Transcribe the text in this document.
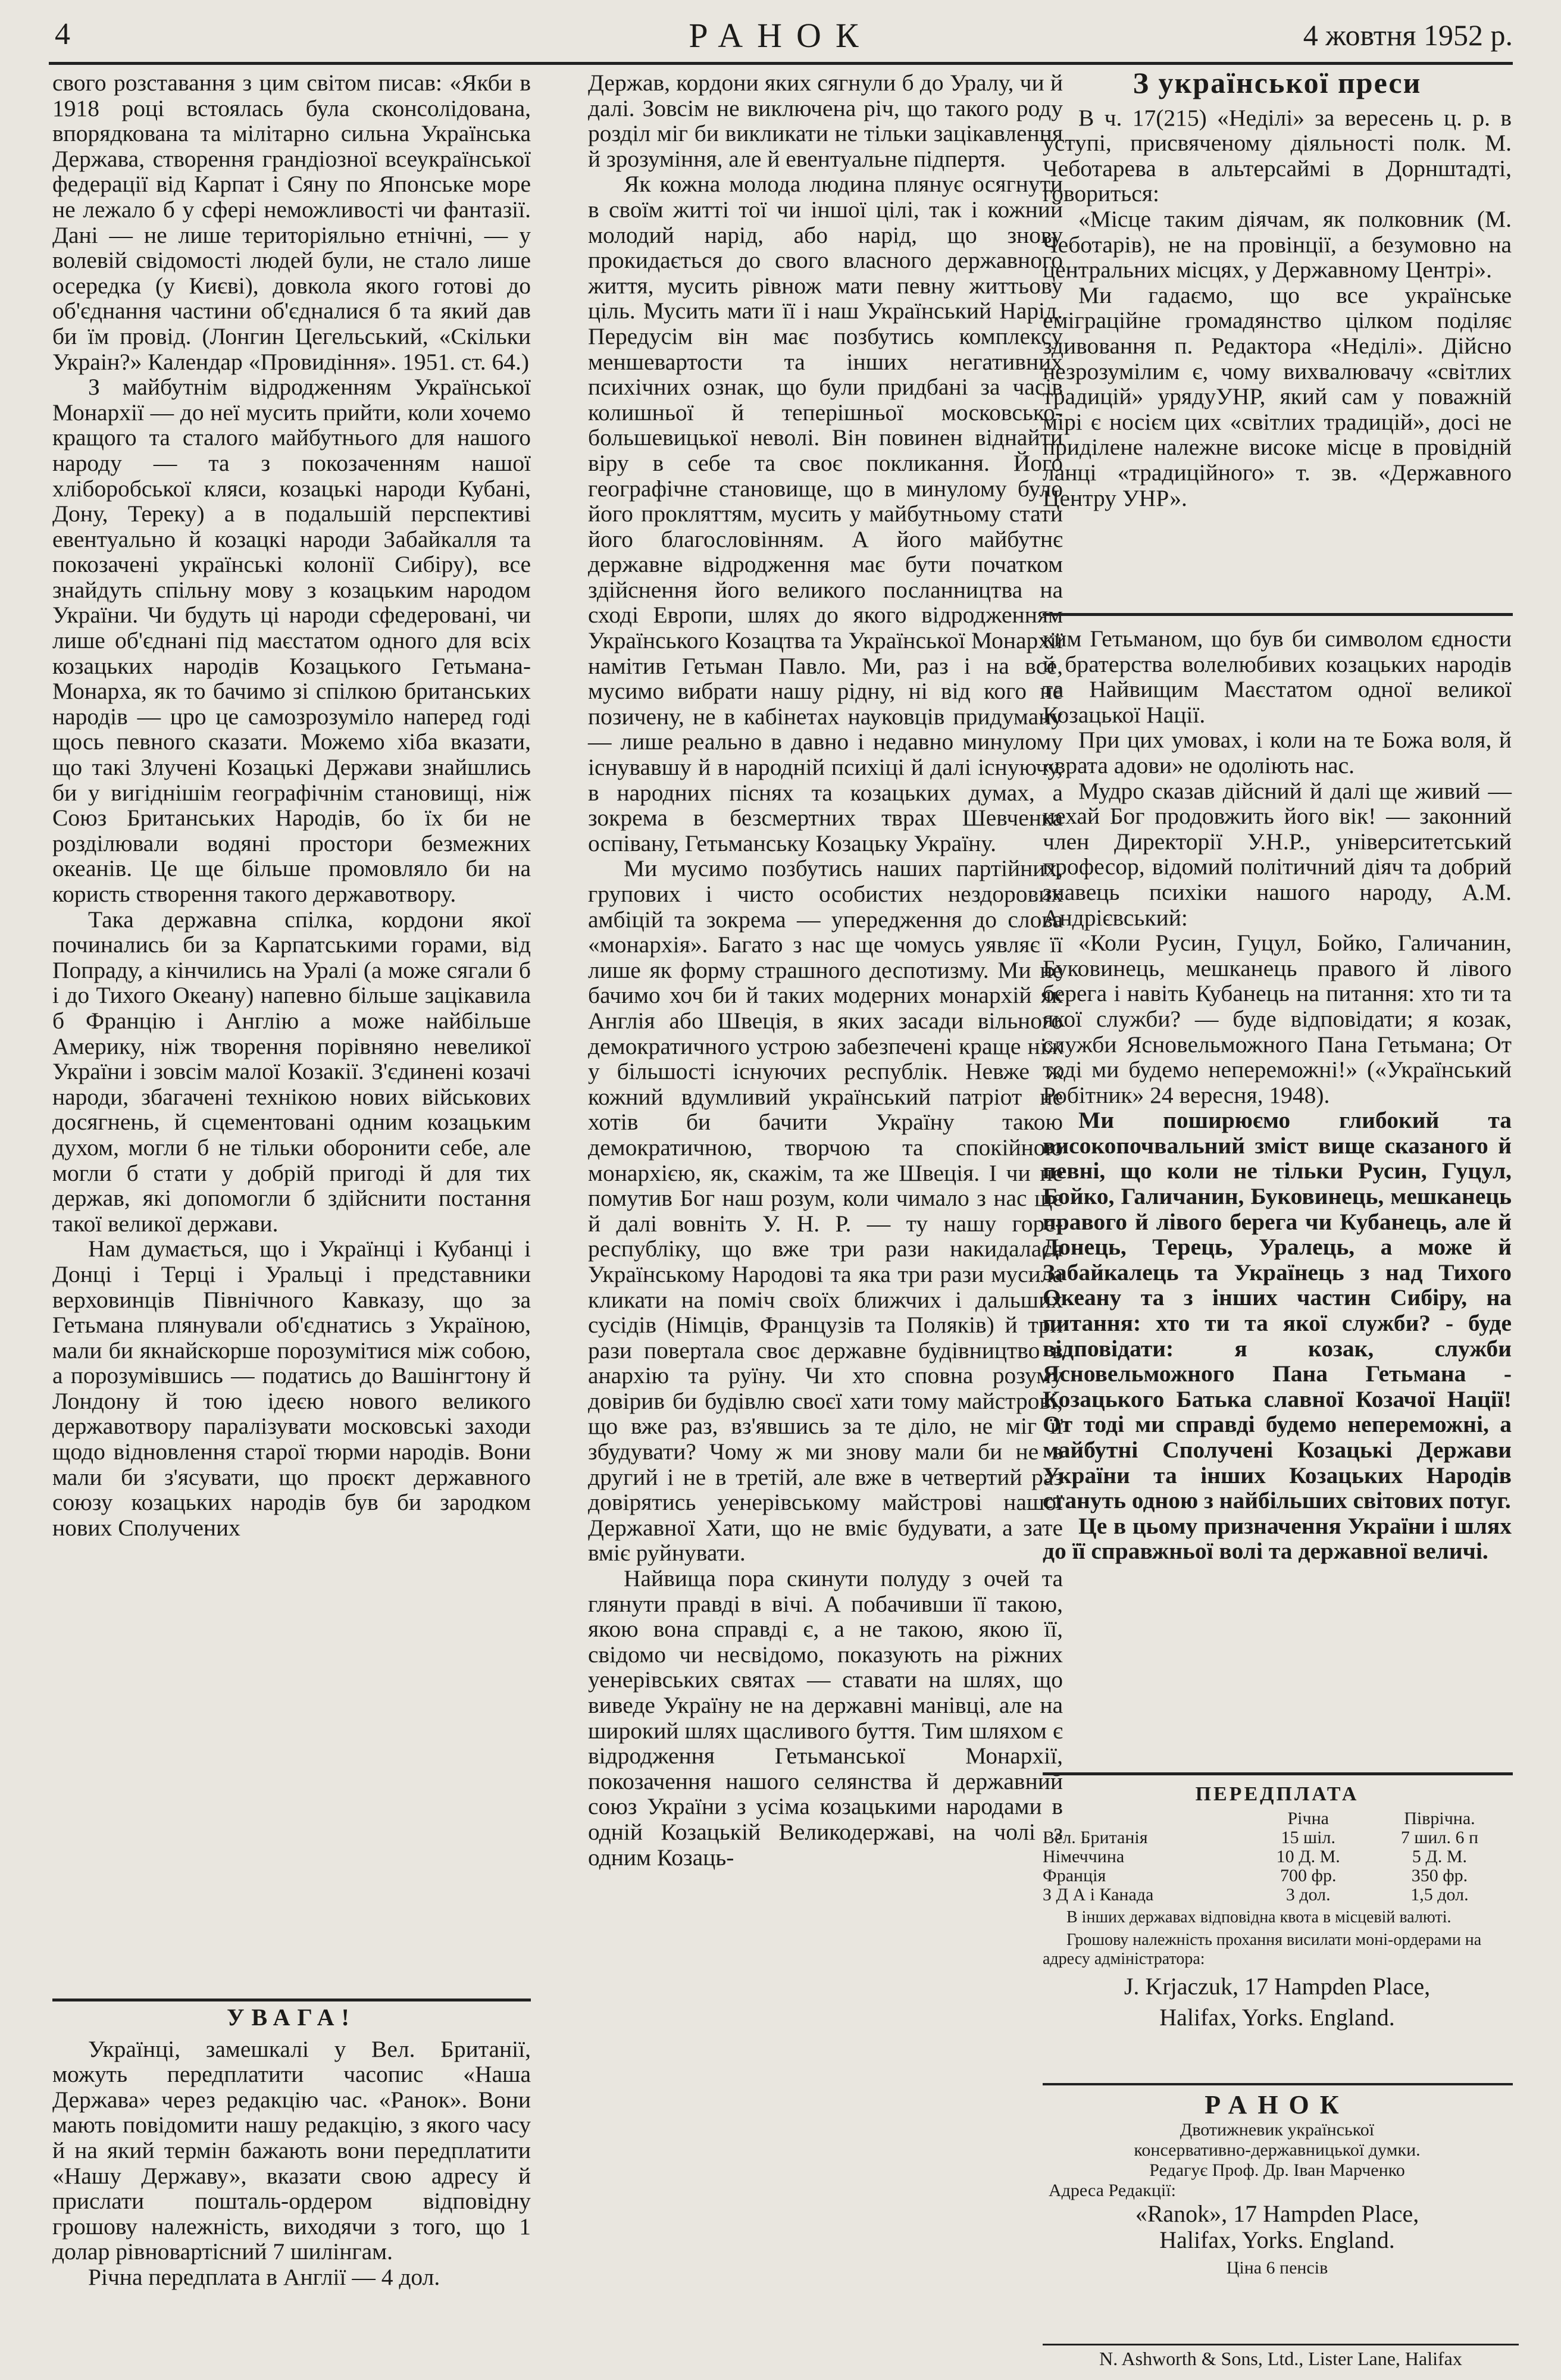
4	РАНОК	4 жовтня 1952 р.

свого розставання з цим світом писав: «Якби в 1918 році встоялась була сконсолідована, впорядкована та мілітарно сильна Українська Держава, створення грандіозної всеукраїнської федерації від Карпат і Сяну по Японське море не лежало б у сфері неможливості чи фантазії. Дані — не лише територіяльно етнічні, — у волевій свідомості людей були, не стало лише осередка (у Києві), довкола якого готові до об'єднання частини об'єдналися б та який дав би їм провід. (Лонгин Цегельський, «Скільки Украін?» Календар «Провидіння». 1951. ст. 64.)

З майбутнім відродженням Української Монархії — до неї мусить прийти, коли хочемо кращого та сталого майбутнього для нашого народу — та з покозаченням нашої хліборобської кляси, козацькі народи Кубані, Дону, Тереку) а в подальшій перспективі евентуально й козацкі народи Забайкалля та покозачені українські колонії Сибіру), все знайдуть спільну мову з козацьким народом України. Чи будуть ці народи сфедеровані, чи лише об'єднані під маєстатом одного для всіх козацьких народів Козацького Гетьмана-Монарха, як то бачимо зі спілкою британських народів — цро це самозрозуміло наперед годі щось певного сказати. Можемо хіба вказати, що такі Злучені Козацькі Держави знайшлись би у вигіднішім географічнім становищі, ніж Союз Британських Народів, бо їх би не розділювали водяні простори безмежних океанів. Це ще більше промовляло би на користь створення такого державотвору.

Така державна спілка, кордони якої починались би за Карпатськими горами, від Попраду, а кінчились на Уралі (а може сягали б і до Тихого Океану) напевно більше зацікавила б Францію і Англію а може найбільше Америку, ніж творення порівняно невеликої України і зовсім малої Козакії. З'єдинені козачі народи, збагачені технікою нових військових досягнень, й сцементовані одним козацьким духом, могли б не тільки оборонити себе, але могли б стати у добрій пригоді й для тих держав, які допомогли б здійснити постання такої великої держави.

Нам думається, що і Українці і Кубанці і Донці і Терці і Уральці і представники верховинців Північного Кавказу, що за Гетьмана плянували об'єднатись з Україною, мали би якнайскорше порозумітися між собою, а порозумівшись — податись до Вашінгтону й Лондону й тою ідеєю нового великого державотвору паралізувати московські заходи щодо відновлення старої тюрми народів. Вони мали би з'ясувати, що проєкт державного союзу козацьких народів був би зародком нових Сполучених

УВАГА!

Українці, замешкалі у Вел. Британії, можуть передплатити часопис «Наша Держава» через редакцію час. «Ранок». Вони мають повідомити нашу редакцію, з якого часу й на який термін бажають вони передплатити «Нашу Державу», вказати свою адресу й прислати пошталь-ордером відповідну грошову належність, виходячи з того, що 1 долар рівновартісний 7 шилінгам.

Річна передплата в Англії — 4 дол.

Держав, кордони яких сягнули б до Уралу, чи й далі. Зовсім не виключена річ, що такого роду розділ міг би викликати не тільки зацікавлення й зрозуміння, але й евентуальне підпертя.

Як кожна молода людина плянує осягнути в своїм житті тої чи іншої цілі, так і кожний молодий нарід, або нарід, що знову прокидається до свого власного державного життя, мусить рівнож мати певну життьову ціль. Мусить мати її і наш Український Нарід. Передусім він має позбутись комплексу меншевартости та інших негативних психічних ознак, що були придбані за часів колишньої й теперішньої московсько-большевицької неволі. Він повинен віднайти віру в себе та своє покликання. Його географічне становище, що в минулому було його прокляттям, мусить у майбутньому стати його благословінням. А його майбутнє державне відродження має бути початком здійснення його великого посланництва на сході Европи, шлях до якого відродженням Українського Козацтва та Української Монархії намітив Гетьман Павло. Ми, раз і на все, мусимо вибрати нашу рідну, ні від кого не позичену, не в кабінетах науковців придуману — лише реально в давно і недавно минулому існувавшу й в народній психіці й далі існуючу, в народних піснях та козацьких думах, а зокрема в безсмертних тврах Шевченка оспівану, Гетьманську Козацьку Україну.

Ми мусимо позбутись наших партійних, групових і чисто особистих нездорових амбіцій та зокрема — упередження до слова «монархія». Багато з нас ще чомусь уявляє її лише як форму страшного деспотизму. Ми не бачимо хоч би й таких модерних монархій як Англія або Швеція, в яких засади вільного демократичного устрою забезпечені краще ніж у більшості існуючих республік. Невже ж кожний вдумливий український патріот не хотів би бачити Україну такою демократичною, творчою та спокійною монархією, як, скажім, та же Швеція. І чи не помутив Бог наш розум, коли чимало з нас ще й далі вовніть У. Н. Р. — ту нашу горе-республіку, що вже три рази накидалася Українському Народові та яка три рази мусила кликати на поміч своїх ближчих і дальших сусідів (Німців, Французів та Поляків) й три рази повертала своє державне будівництво в анархію та руїну. Чи хто сповна розуму довірив би будівлю своєї хати тому майстрові, що вже раз, вз'явшись за те діло, не міг її збудувати? Чому ж ми знову мали би не в другий і не в третій, але вже в четвертий раз довірятись уенерівському майстрові нашої Державної Хати, що не вміє будувати, а зате вміє руйнувати.

Найвища пора скинути полуду з очей та глянути правді в вічі. А побачивши її такою, якою вона справді є, а не такою, якою її, свідомо чи несвідомо, показують на ріжних уенерівських святах — ставати на шлях, що виведе Україну не на державні манівці, але на широкий шлях щасливого буття. Тим шляхом є відродження Гетьманської Монархії, покозачення нашого селянства й державний союз України з усіма козацькими народами в одній Козацькій Великодержаві, на чолі з одним Козаць-

З української преси

В ч. 17(215) «Неділі» за вересень ц. р. в уступі, присвяченому діяльності полк. М. Чеботарева в альтерсаймі в Дорнштадті, говориться:

«Місце таким діячам, як полковник (М. Чеботарів), не на провінції, а безумовно на центральних місцях, у Державному Центрі».

Ми гадаємо, що все українське еміграційне громадянство цілком поділяє здивовання п. Редактора «Неділі». Дійсно незрозумілим є, чому вихвалювачу «світлих традицій» урядуУНР, який сам у поважній мірі є носієм цих «світлих традицій», досі не приділене належне високе місце в провідній ланці «традиційного» т. зв. «Державного Центру УНР».

ким Гетьманом, що був би символом єдности й братерства волелюбивих козацьких народів та Найвищим Маєстатом одної великої Козацької Нації.

При цих умовах, і коли на те Божа воля, й «врата адови» не одоліють нас.

Мудро сказав дійсний й далі ще живий — нехай Бог продовжить його вік! — законний член Директорії У.Н.Р., університетський професор, відомий політичний діяч та добрий знавець психіки нашого народу, А.М. Андрієвський:

«Коли Русин, Гуцул, Бойко, Галичанин, Буковинець, мешканець правого й лівого берега і навіть Кубанець на питання: хто ти та якої служби? — буде відповідати; я козак, служби Ясновельможного Пана Гетьмана; От тоді ми будемо непереможні!» («Український Робітник» 24 вересня, 1948).

Ми поширюємо глибокий та високопочвальний зміст вище сказаного й певні, що коли не тільки Русин, Гуцул, Бойко, Галичанин, Буковинець, мешканець правого й лівого берега чи Кубанець, але й Донець, Терець, Уралець, а може й Забайкалець та Українець з над Тихого Океану та з інших частин Сибіру, на питання: хто ти та якої служби? - буде відповідати: я козак, служби Ясновельможного Пана Гетьмана - Козацького Батька славної Козачої Нації! От тоді ми справді будемо непереможні, а майбутні Сполучені Козацькі Держави України та інших Козацьких Народів стануть одною з найбільших світових потуг.

Це в цьому призначення України і шлях до її справжньої волі та державної величі.

ПЕРЕДПЛАТА
	Річна	Піврічна.
Вел. Британія	15 шіл.	7 шил. 6 п
Німеччина	10 Д. М.	5 Д. М.
Франція	700 фр.	350 фр.
З Д А і Канада	3 дол.	1,5 дол.
В інших державах відповідна квота в місцевій валюті.
Грошову належність прохання висилати моні-ордерами на адресу адміністратора:
J. Krjaczuk, 17 Hampden Place,
Halifax, Yorks. England.
РАНОК
Двотижневик української
консервативно-державницької думки.
Редагує Проф. Др. Іван Марченко
Адреса Редакції:
«Ranok», 17 Hampden Place,
Halifax, Yorks. England.
Ціна 6 пенсів
N. Ashworth & Sons, Ltd., Lister Lane, Halifax
